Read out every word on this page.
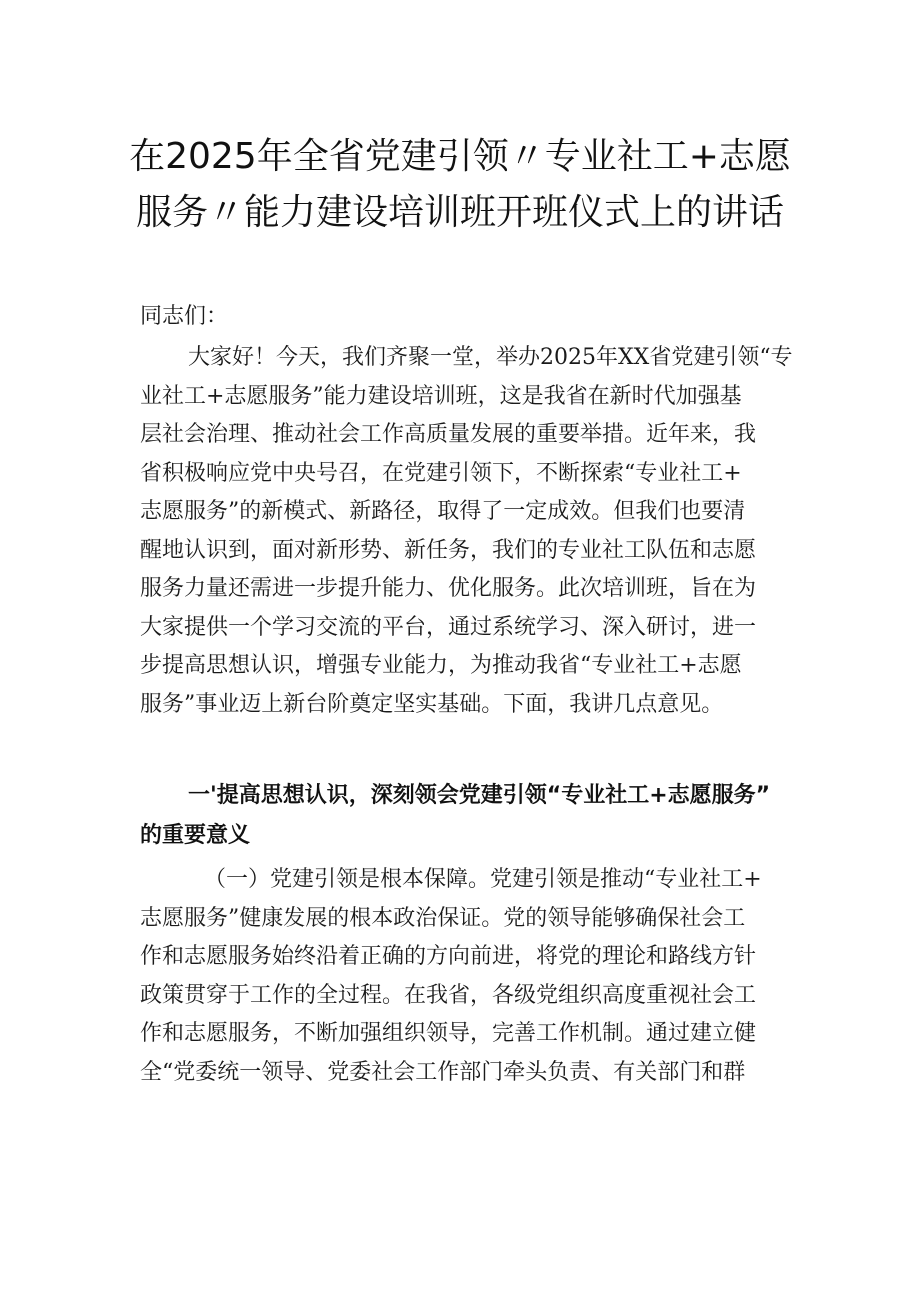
在2025年全省党建引领〃专业社工+志愿
服务〃能力建设培训班开班仪式上的讲话
同志们：
大家好！今天，我们齐聚一堂，举办2025年XX省党建引领“专
业社工+志愿服务”能力建设培训班，这是我省在新时代加强基
层社会治理、推动社会工作高质量发展的重要举措。近年来，我
省积极响应党中央号召，在党建引领下，不断探索“专业社工+
志愿服务”的新模式、新路径，取得了一定成效。但我们也要清
醒地认识到，面对新形势、新任务，我们的专业社工队伍和志愿
服务力量还需进一步提升能力、优化服务。此次培训班，旨在为
大家提供一个学习交流的平台，通过系统学习、深入研讨，进一
步提高思想认识，增强专业能力，为推动我省“专业社工+志愿
服务”事业迈上新台阶奠定坚实基础。下面，我讲几点意见。
一'提高思想认识，深刻领会党建引领“专业社工+志愿服务”
的重要意义
（一）党建引领是根本保障。党建引领是推动“专业社工+
志愿服务”健康发展的根本政治保证。党的领导能够确保社会工
作和志愿服务始终沿着正确的方向前进，将党的理论和路线方针
政策贯穿于工作的全过程。在我省，各级党组织高度重视社会工
作和志愿服务，不断加强组织领导，完善工作机制。通过建立健
全“党委统一领导、党委社会工作部门牵头负责、有关部门和群
